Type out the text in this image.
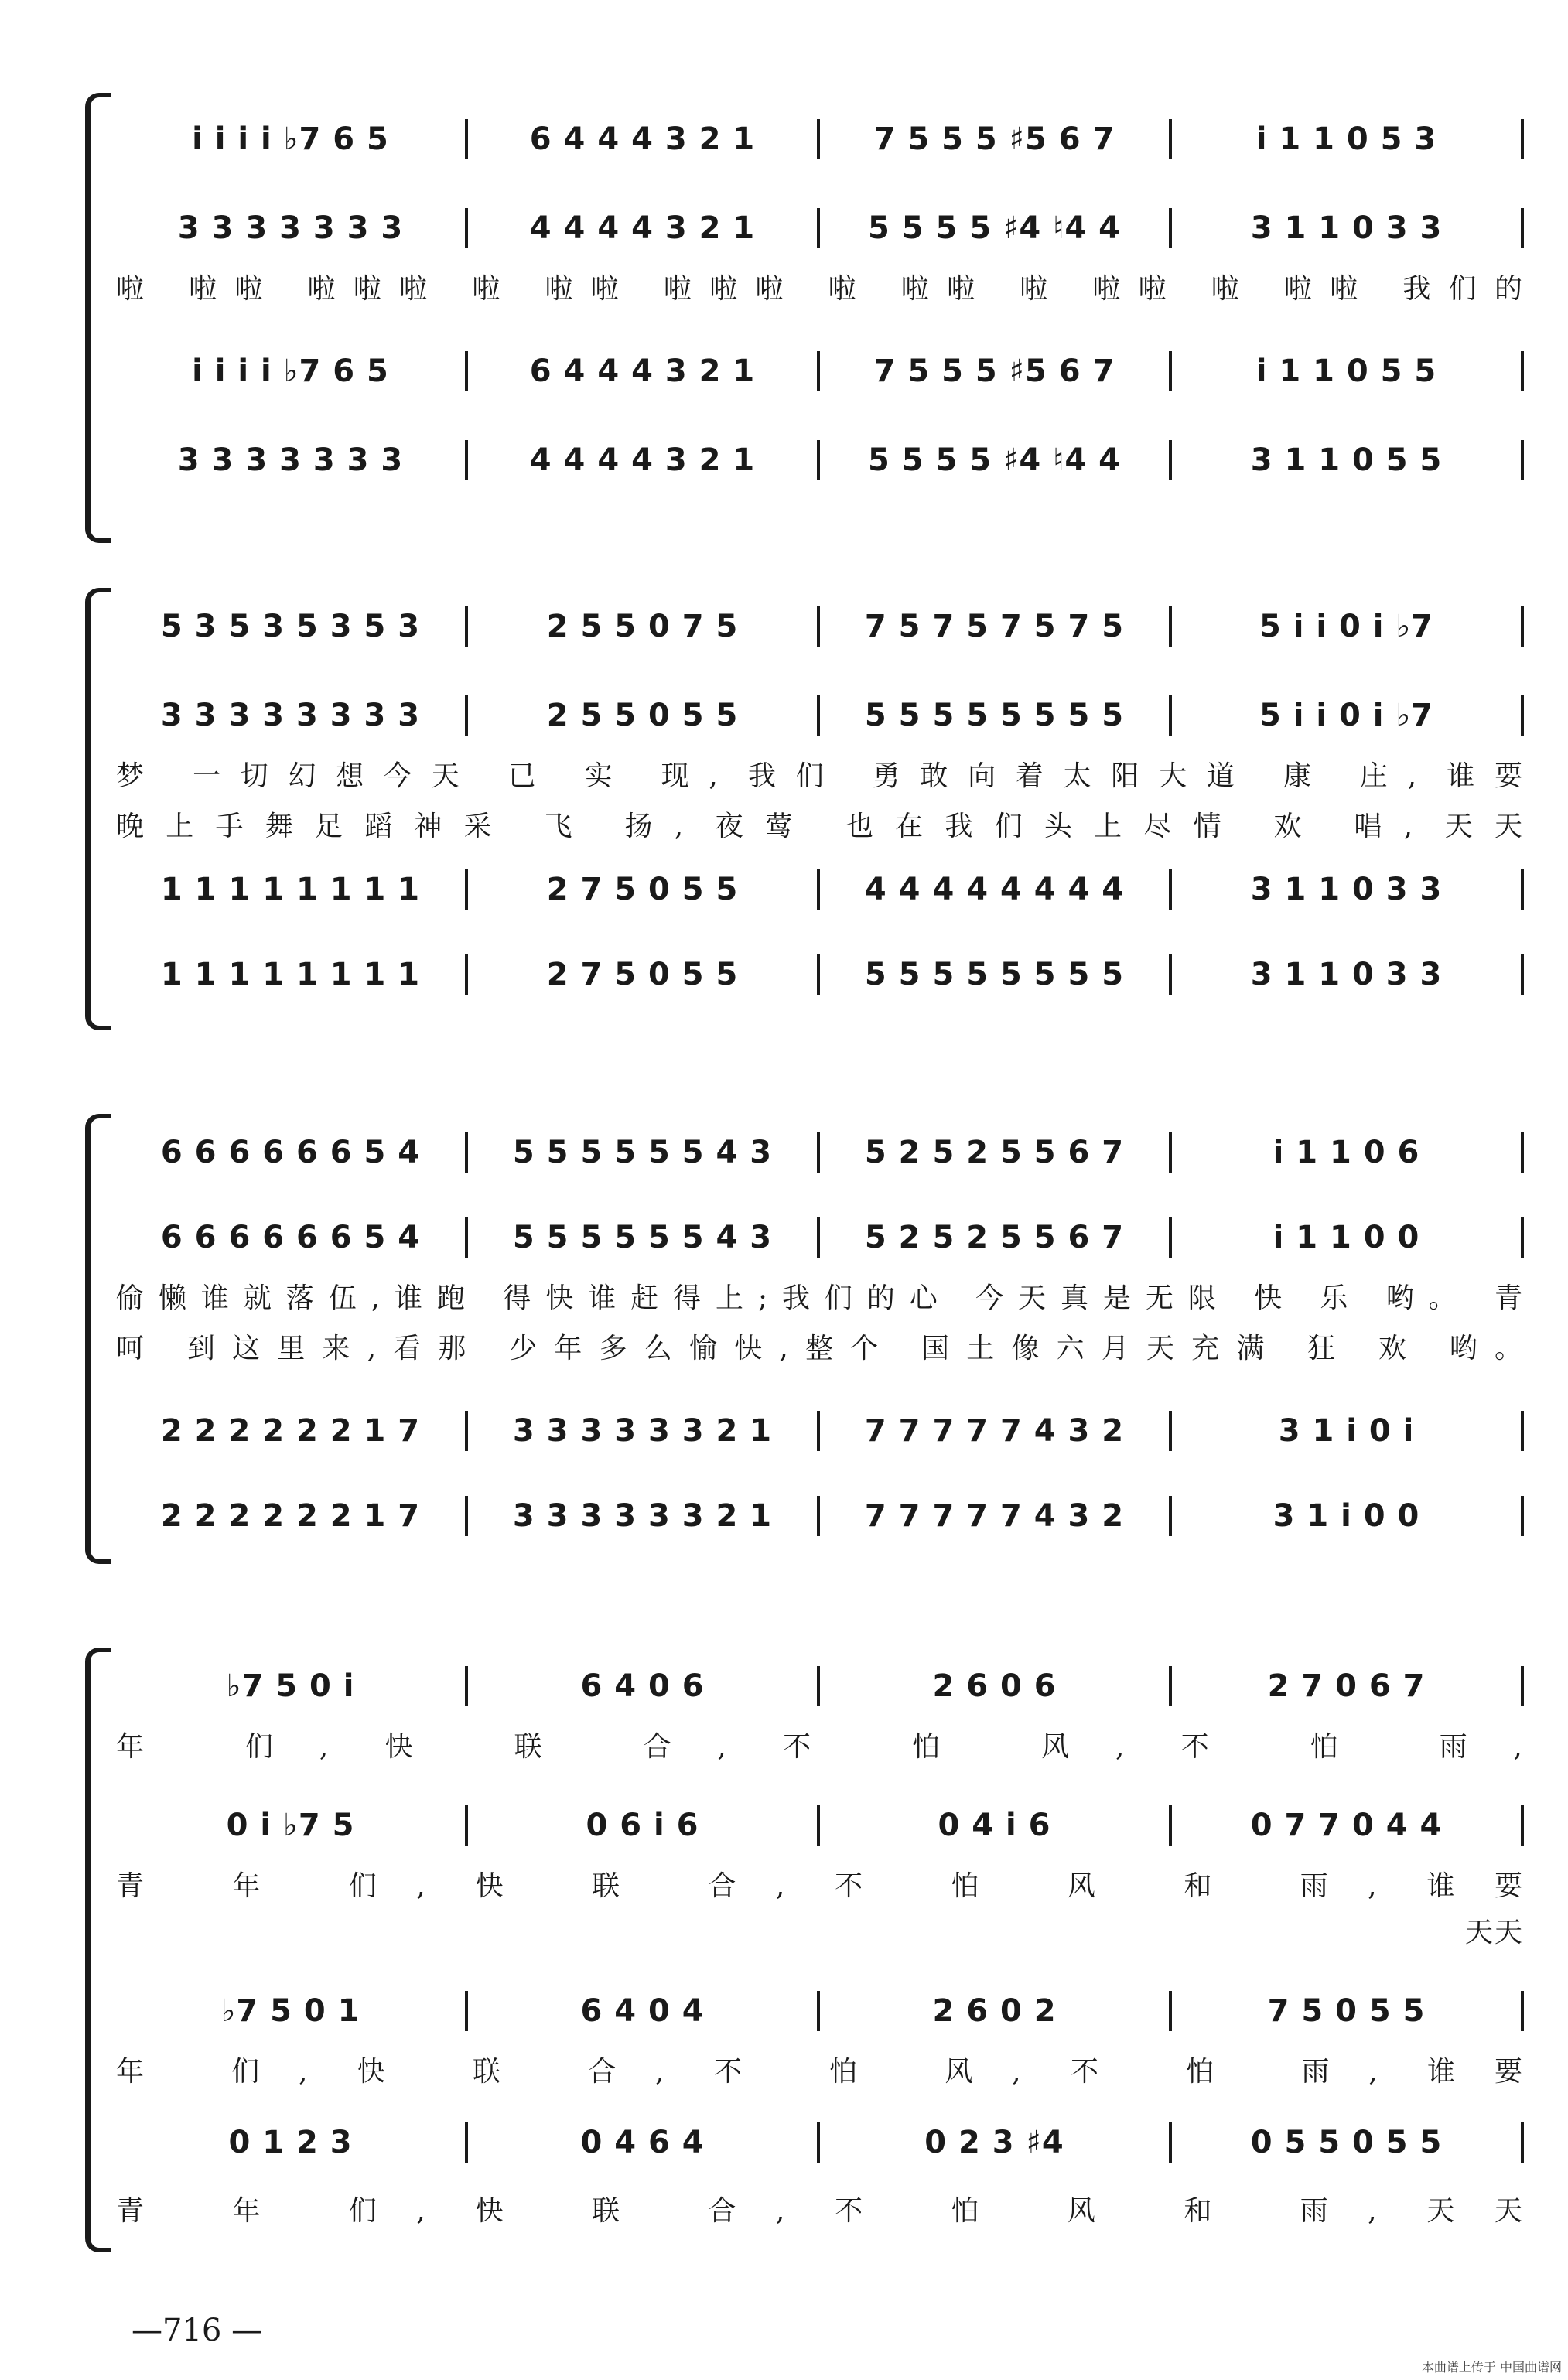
i i i i ♭7 6 5	6 4 4 4 3 2 1	7 5 5 5 ♯5 6 7	i 1 1 0 5 3
3 3 3 3 3 3 3	4 4 4 4 3 2 1	5 5 5 5 ♯4 ♮4 4	3 1 1 0 3 3
啦 啦啦 啦啦啦 啦 啦啦 啦啦啦 啦 啦啦 啦 啦啦 啦 啦啦 我们的
i i i i ♭7 6 5	6 4 4 4 3 2 1	7 5 5 5 ♯5 6 7	i 1 1 0 5 5
3 3 3 3 3 3 3	4 4 4 4 3 2 1	5 5 5 5 ♯4 ♮4 4	3 1 1 0 5 5
5 3 5 3 5 3 5 3	2 5 5 0 7 5	7 5 7 5 7 5 7 5	5 i i 0 i ♭7
3 3 3 3 3 3 3 3	2 5 5 0 5 5	5 5 5 5 5 5 5 5	5 i i 0 i ♭7
梦 一切幻想今天 已 实 现, 我们 勇敢向着太阳大道 康 庄, 谁要
晚上手舞足蹈神采 飞 扬, 夜莺 也在我们头上尽情 欢 唱, 天天
1 1 1 1 1 1 1 1	2 7 5 0 5 5	4 4 4 4 4 4 4 4	3 1 1 0 3 3
1 1 1 1 1 1 1 1	2 7 5 0 5 5	5 5 5 5 5 5 5 5	3 1 1 0 3 3
6 6 6 6 6 6 5 4	5 5 5 5 5 5 4 3	5 2 5 2 5 5 6 7	i 1 1 0 6
6 6 6 6 6 6 5 4	5 5 5 5 5 5 4 3	5 2 5 2 5 5 6 7	i 1 1 0 0
偷懒谁就落伍,谁跑 得快谁赶得上;我们的心 今天真是无限 快 乐 哟。 青
呵 到这里来,看那 少年多么愉快,整个 国土像六月天充满 狂 欢 哟。
2 2 2 2 2 2 1 7	3 3 3 3 3 3 2 1	7 7 7 7 7 4 3 2	3 1 i 0 i
2 2 2 2 2 2 1 7	3 3 3 3 3 3 2 1	7 7 7 7 7 4 3 2	3 1 i 0 0
♭7 5 0 i	6 4 0 6	2 6 0 6	2 7 0 6 7
年 们, 快 联 合, 不 怕 风, 不 怕 雨,
0 i ♭7 5	0 6 i 6	0 4 i 6	0 7 7 0 4 4
青 年 们, 快 联 合, 不 怕 风 和 雨, 谁要
天天
♭7 5 0 1	6 4 0 4	2 6 0 2	7 5 0 5 5
年 们, 快 联 合, 不 怕 风, 不 怕 雨, 谁要
0 1 2 3	0 4 6 4	0 2 3 ♯4	0 5 5 0 5 5
青 年 们, 快 联 合, 不 怕 风 和 雨, 天天
—716 —
本曲谱上传于 中国曲谱网
